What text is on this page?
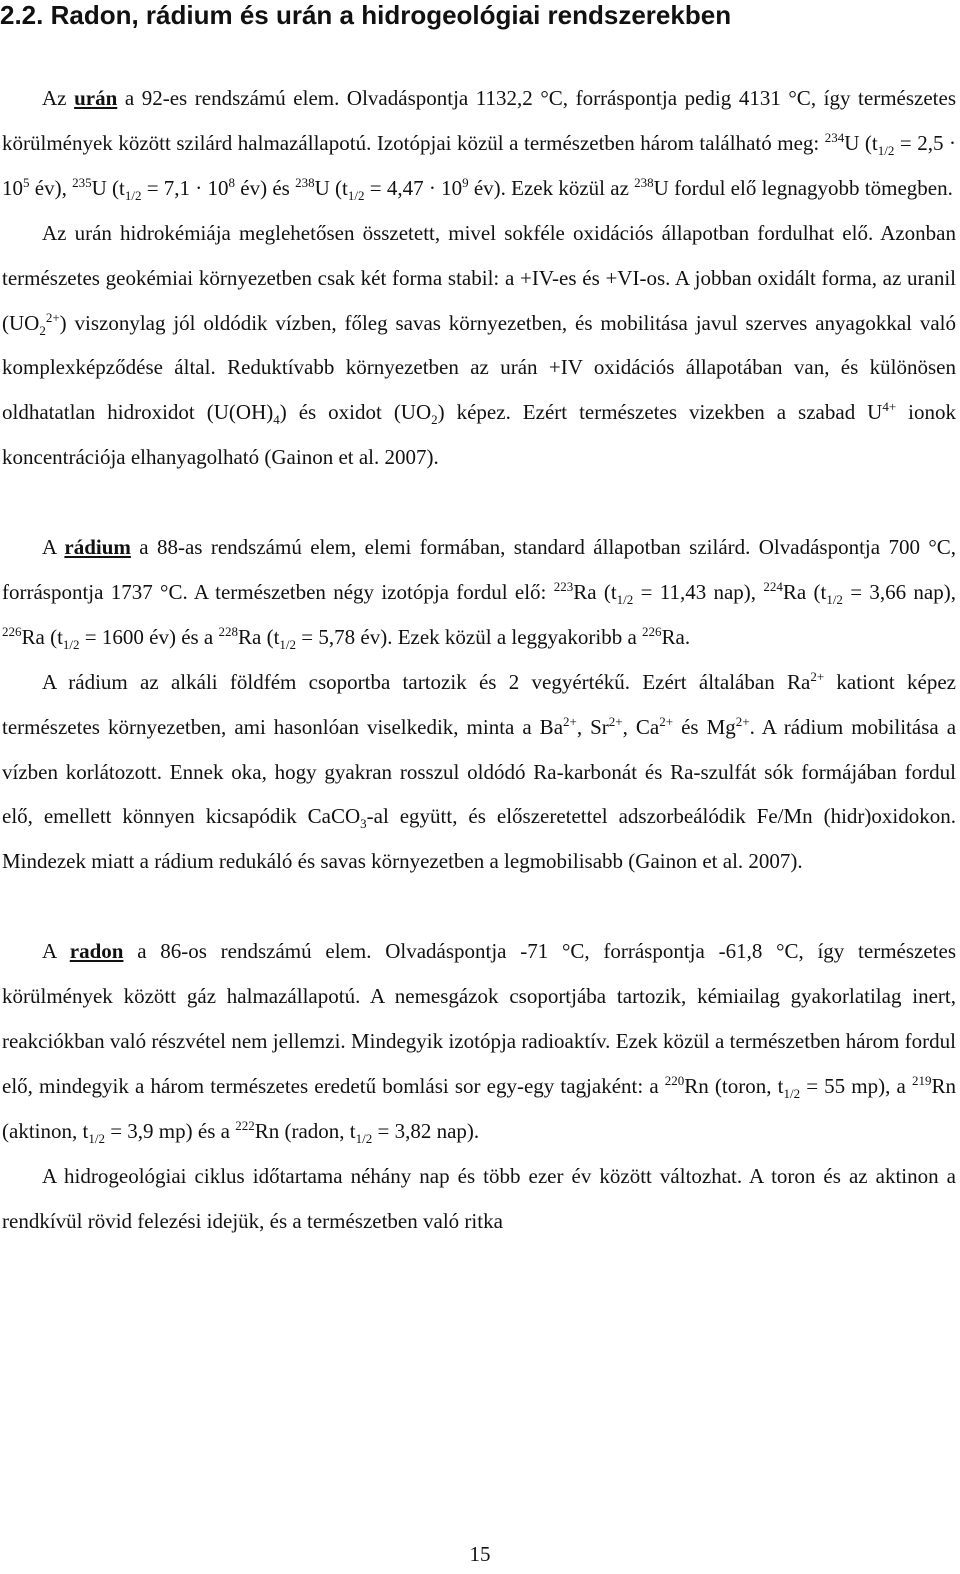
2.2. Radon, rádium és urán a hidrogeológiai rendszerekben

Az urán a 92-es rendszámú elem. Olvadáspontja 1132,2 °C, forráspontja pedig 4131 °C, így természetes körülmények között szilárd halmazállapotú. Izotópjai közül a természetben három található meg: $^{234}$U ($t_{1/2} = 2,5 \cdot 10^5$ év), $^{235}$U ($t_{1/2} = 7,1 \cdot 10^8$ év) és $^{238}$U ($t_{1/2} = 4,47 \cdot 10^9$ év). Ezek közül az $^{238}$U fordul elő legnagyobb tömegben.

Az urán hidrokémiája meglehetősen összetett, mivel sokféle oxidációs állapotban fordulhat elő. Azonban természetes geokémiai környezetben csak két forma stabil: a +IV-es és +VI-os. A jobban oxidált forma, az uranil $(UO_2^{2+})$ viszonylag jól oldódik vízben, főleg savas környezetben, és mobilitása javul szerves anyagokkal való komplexképződése által. Reduktívabb környezetben az urán +IV oxidációs állapotában van, és különösen oldhatatlan hidroxidot $(U(OH)_4)$ és oxidot $(UO_2)$ képez. Ezért természetes vizekben a szabad $U^{4+}$ ionok koncentrációja elhanyagolható (Gainon et al. 2007).

A rádium a 88-as rendszámú elem, elemi formában, standard állapotban szilárd. Olvadáspontja 700 °C, forráspontja 1737 °C. A természetben négy izotópja fordul elő: $^{223}$Ra ($t_{1/2} = 11,43$ nap), $^{224}$Ra ($t_{1/2} = 3,66$ nap), $^{226}$Ra ($t_{1/2} = 1600$ év) és a $^{228}$Ra ($t_{1/2} = 5,78$ év). Ezek közül a leggyakoribb a $^{226}$Ra.

A rádium az alkáli földfém csoportba tartozik és 2 vegyértékű. Ezért általában $Ra^{2+}$ kationt képez természetes környezetben, ami hasonlóan viselkedik, minta a $Ba^{2+}$, $Sr^{2+}$, $Ca^{2+}$ és $Mg^{2+}$. A rádium mobilitása a vízben korlátozott. Ennek oka, hogy gyakran rosszul oldódó Ra-karbonát és Ra-szulfát sók formájában fordul elő, emellett könnyen kicsapódik CaCO$_3$-al együtt, és előszeretettel adszorbeálódik Fe/Mn (hidr)oxidokon. Mindezek miatt a rádium redukáló és savas környezetben a legmobilisabb (Gainon et al. 2007).

A radon a 86-os rendszámú elem. Olvadáspontja -71 °C, forráspontja -61,8 °C, így természetes körülmények között gáz halmazállapotú. A nemesgázok csoportjába tartozik, kémiailag gyakorlatilag inert, reakciókban való részvétel nem jellemzi. Mindegyik izotópja radioaktív. Ezek közül a természetben három fordul elő, mindegyik a három természetes eredetű bomlási sor egy-egy tagjaként: a $^{220}$Rn (toron, $t_{1/2} = 55$ mp), a $^{219}$Rn (aktinon, $t_{1/2} = 3,9$ mp) és a $^{222}$Rn (radon, $t_{1/2} = 3,82$ nap).

A hidrogeológiai ciklus időtartama néhány nap és több ezer év között változhat. A toron és az aktinon a rendkívül rövid felezési idejük, és a természetben való ritka

15
